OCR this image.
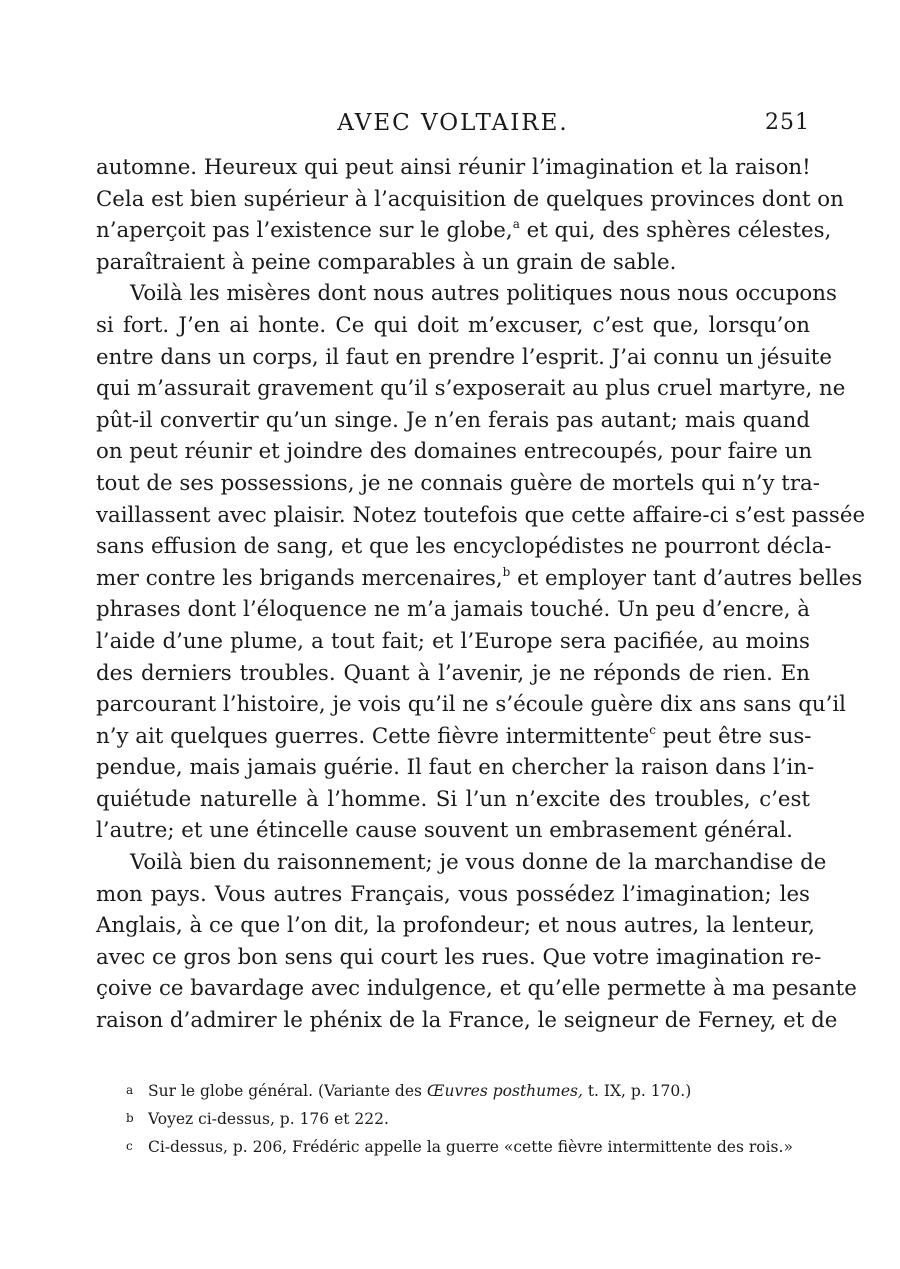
AVEC VOLTAIRE.	251
automne. Heureux qui peut ainsi réunir l’imagination et la raison!
Cela est bien supérieur à l’acquisition de quelques provinces dont on
n’aperçoit pas l’existence sur le globe,$^a$ et qui, des sphères célestes,
paraîtraient à peine comparables à un grain de sable.
Voilà les misères dont nous autres politiques nous nous occupons
si fort. J’en ai honte. Ce qui doit m’excuser, c’est que, lorsqu’on
entre dans un corps, il faut en prendre l’esprit. J’ai connu un jésuite
qui m’assurait gravement qu’il s’exposerait au plus cruel martyre, ne
pût-il convertir qu’un singe. Je n’en ferais pas autant; mais quand
on peut réunir et joindre des domaines entrecoupés, pour faire un
tout de ses possessions, je ne connais guère de mortels qui n’y tra-
vaillassent avec plaisir. Notez toutefois que cette affaire-ci s’est passée
sans effusion de sang, et que les encyclopédistes ne pourront décla-
mer contre les brigands mercenaires,$^b$ et employer tant d’autres belles
phrases dont l’éloquence ne m’a jamais touché. Un peu d’encre, à
l’aide d’une plume, a tout fait; et l’Europe sera pacifiée, au moins
des derniers troubles. Quant à l’avenir, je ne réponds de rien. En
parcourant l’histoire, je vois qu’il ne s’écoule guère dix ans sans qu’il
n’y ait quelques guerres. Cette fièvre intermittente$^c$ peut être sus-
pendue, mais jamais guérie. Il faut en chercher la raison dans l’in-
quiétude naturelle à l’homme. Si l’un n’excite des troubles, c’est
l’autre; et une étincelle cause souvent un embrasement général.
Voilà bien du raisonnement; je vous donne de la marchandise de
mon pays. Vous autres Français, vous possédez l’imagination; les
Anglais, à ce que l’on dit, la profondeur; et nous autres, la lenteur,
avec ce gros bon sens qui court les rues. Que votre imagination re-
çoive ce bavardage avec indulgence, et qu’elle permette à ma pesante
raison d’admirer le phénix de la France, le seigneur de Ferney, et de
a Sur le globe général. (Variante des Œuvres posthumes, t. IX, p. 170.)
b Voyez ci-dessus, p. 176 et 222.
c Ci-dessus, p. 206, Frédéric appelle la guerre «cette fièvre intermittente des rois.»
